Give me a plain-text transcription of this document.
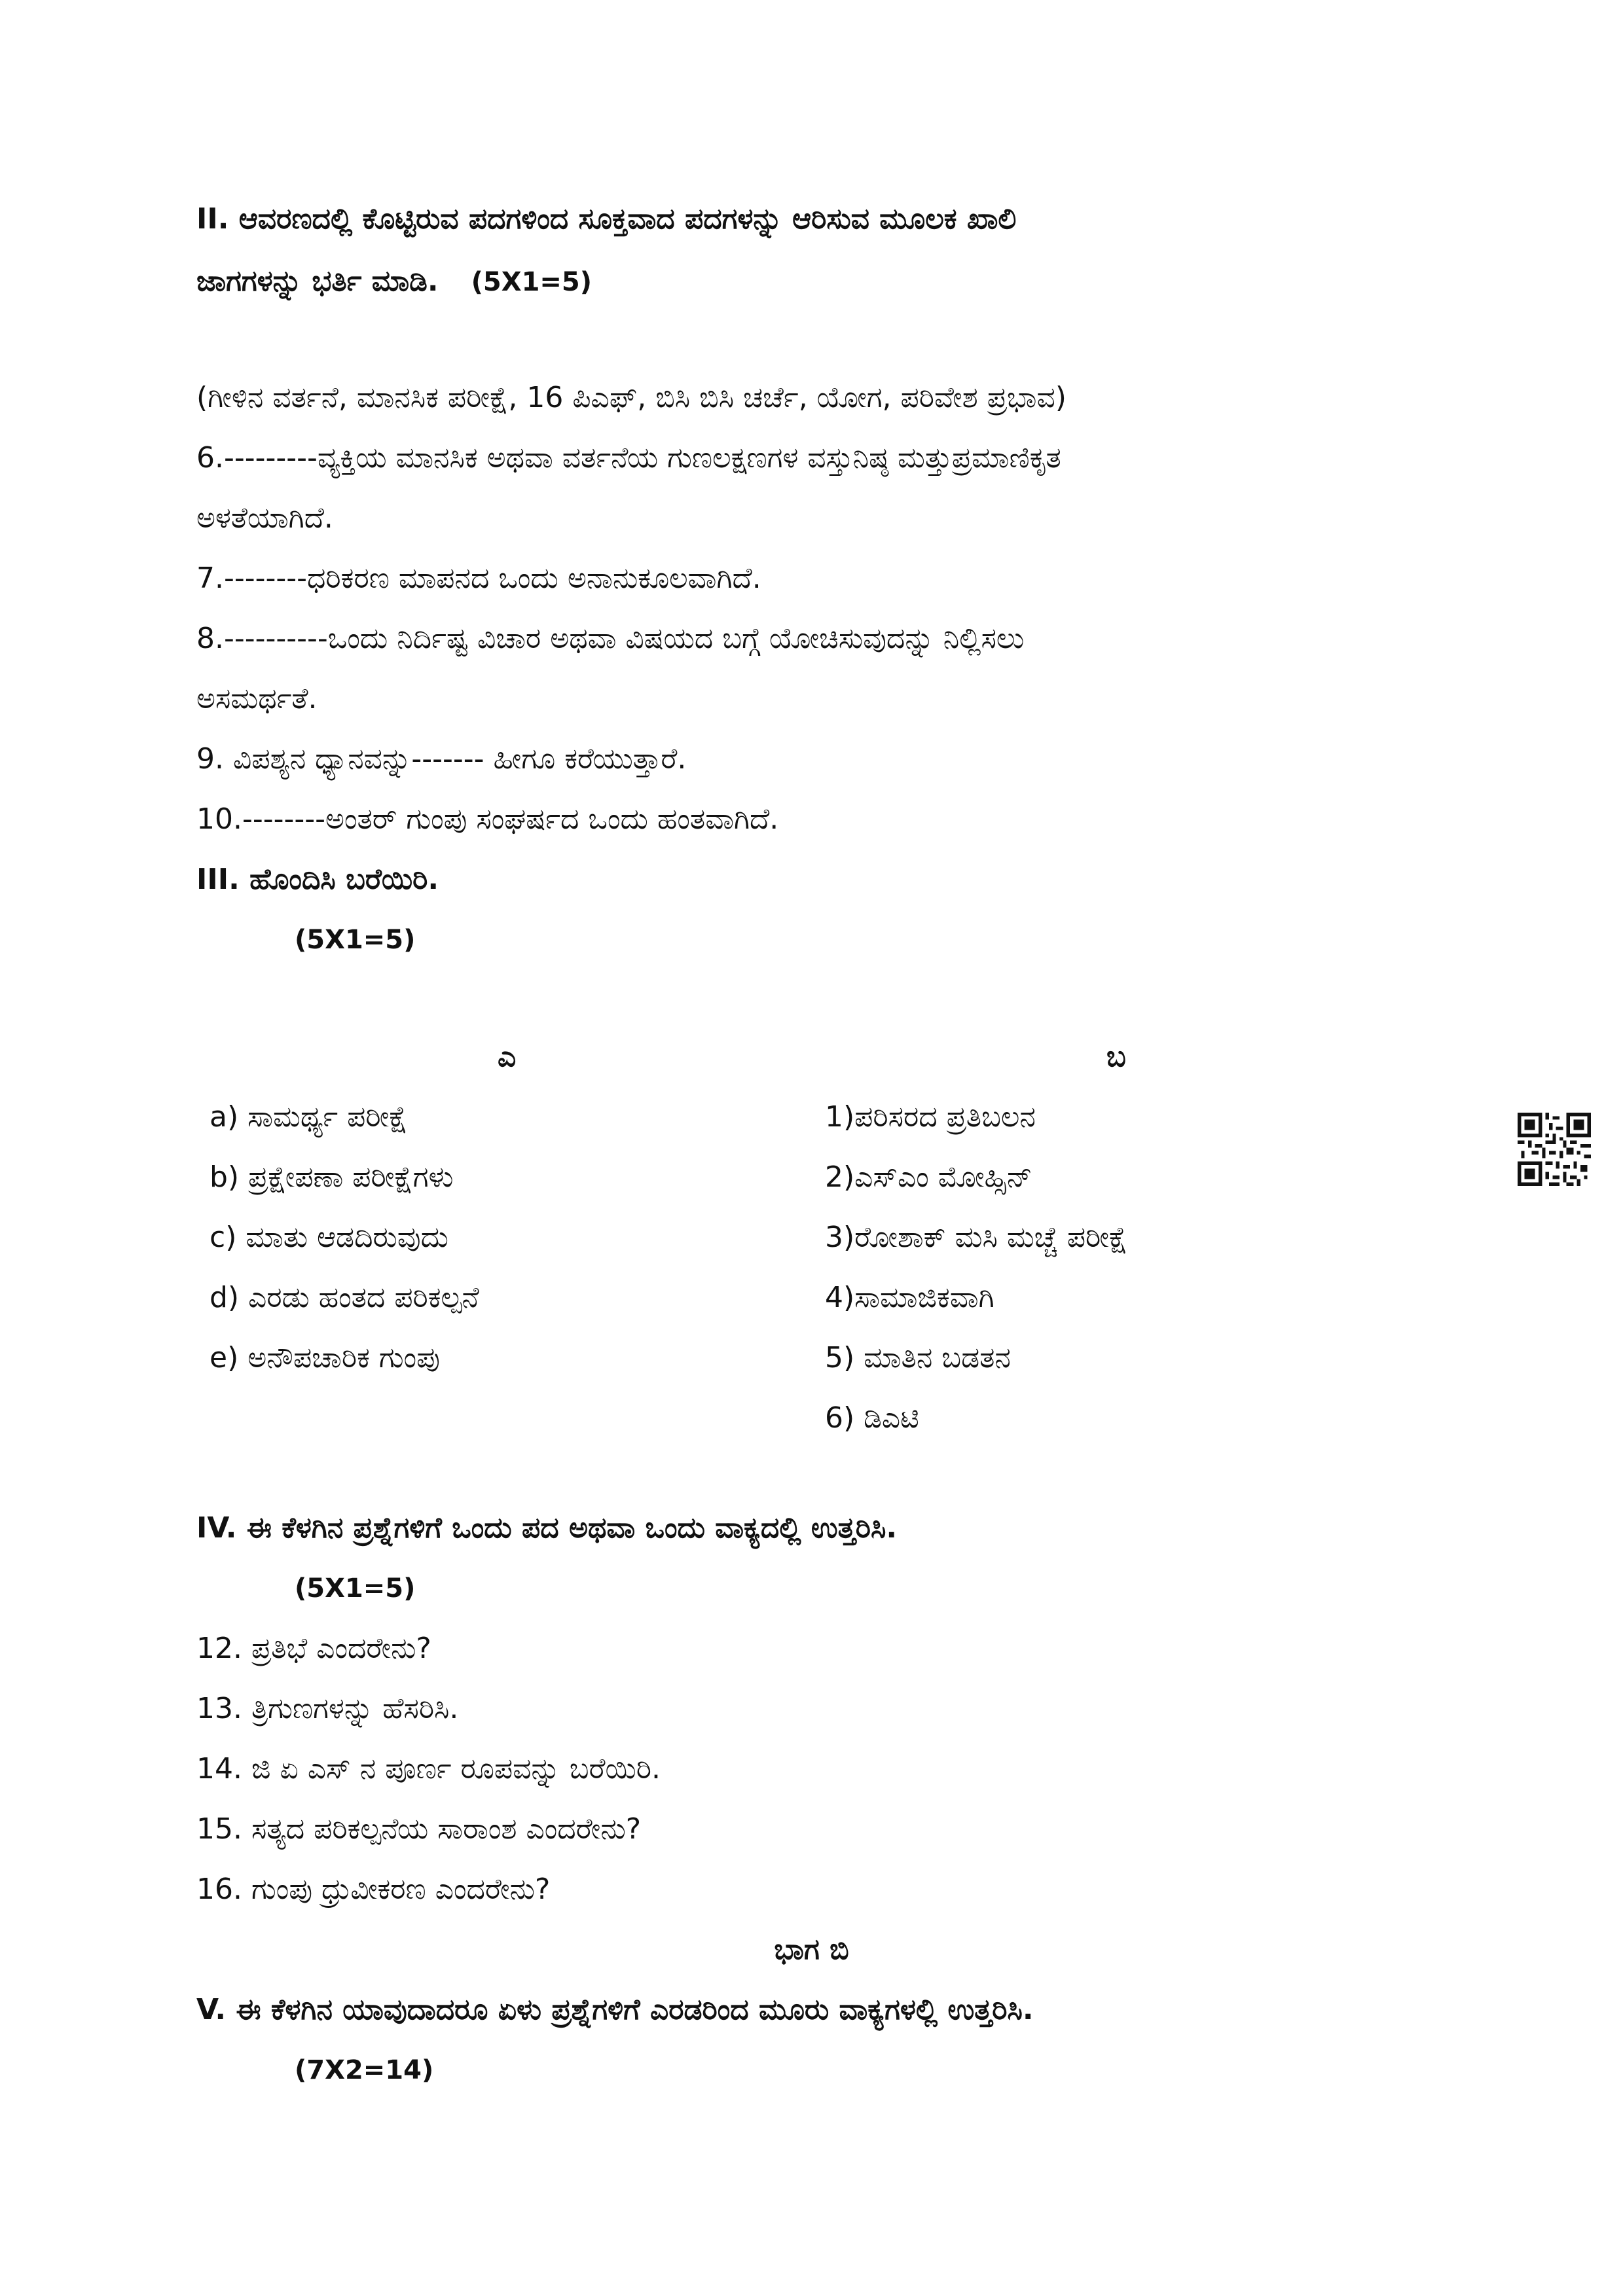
II. ಆವರಣದಲ್ಲಿ ಕೊಟ್ಟಿರುವ ಪದಗಳಿಂದ ಸೂಕ್ತವಾದ ಪದಗಳನ್ನು ಆರಿಸುವ ಮೂಲಕ ಖಾಲಿ
ಜಾಗಗಳನ್ನು ಭರ್ತಿ ಮಾಡಿ. (5X1=5)
(ಗೀಳಿನ ವರ್ತನೆ, ಮಾನಸಿಕ ಪರೀಕ್ಷೆ, 16 ಪಿಎಫ್, ಬಿಸಿ ಬಿಸಿ ಚರ್ಚೆ, ಯೋಗ, ಪರಿವೇಶ ಪ್ರಭಾವ)
6.---------ವ್ಯಕ್ತಿಯ ಮಾನಸಿಕ ಅಥವಾ ವರ್ತನೆಯ ಗುಣಲಕ್ಷಣಗಳ ವಸ್ತುನಿಷ್ಠ ಮತ್ತುಪ್ರಮಾಣಿಕೃತ
ಅಳತೆಯಾಗಿದೆ.
7.--------ಧರಿಕರಣ ಮಾಪನದ ಒಂದು ಅನಾನುಕೂಲವಾಗಿದೆ.
8.----------ಒಂದು ನಿರ್ದಿಷ್ಟ ವಿಚಾರ ಅಥವಾ ವಿಷಯದ ಬಗ್ಗೆ ಯೋಚಿಸುವುದನ್ನು ನಿಲ್ಲಿಸಲು
ಅಸಮರ್ಥತೆ.
9. ವಿಪಶ್ಯನ ಧ್ಯಾನವನ್ನು------- ಹೀಗೂ ಕರೆಯುತ್ತಾರೆ.
10.--------ಅಂತರ್ ಗುಂಪು ಸಂಘರ್ಷದ ಒಂದು ಹಂತವಾಗಿದೆ.
III. ಹೊಂದಿಸಿ ಬರೆಯಿರಿ.
(5X1=5)
ಎ	ಬ
a) ಸಾಮರ್ಥ್ಯ ಪರೀಕ್ಷೆ
b) ಪ್ರಕ್ಷೇಪಣಾ ಪರೀಕ್ಷೆಗಳು
c) ಮಾತು ಆಡದಿರುವುದು
d) ಎರಡು ಹಂತದ ಪರಿಕಲ್ಪನೆ
e) ಅನೌಪಚಾರಿಕ ಗುಂಪು
1)ಪರಿಸರದ ಪ್ರತಿಬಲನ
2)ಎಸ್ಎಂ ಮೋಹ್ಸಿನ್
3)ರೋಶಾಕ್ ಮಸಿ ಮಚ್ಚೆ ಪರೀಕ್ಷೆ
4)ಸಾಮಾಜಿಕವಾಗಿ
5) ಮಾತಿನ ಬಡತನ
6) ಡಿಎಟಿ
IV. ಈ ಕೆಳಗಿನ ಪ್ರಶ್ನೆಗಳಿಗೆ ಒಂದು ಪದ ಅಥವಾ ಒಂದು ವಾಕ್ಯದಲ್ಲಿ ಉತ್ತರಿಸಿ.
(5X1=5)
12. ಪ್ರತಿಭೆ ಎಂದರೇನು?
13. ತ್ರಿಗುಣಗಳನ್ನು ಹೆಸರಿಸಿ.
14. ಜಿ ಏ ಎಸ್ ನ ಪೂರ್ಣ ರೂಪವನ್ನು ಬರೆಯಿರಿ.
15. ಸತ್ಯದ ಪರಿಕಲ್ಪನೆಯ ಸಾರಾಂಶ ಎಂದರೇನು?
16. ಗುಂಪು ಧ್ರುವೀಕರಣ ಎಂದರೇನು?
ಭಾಗ ಬಿ
V. ಈ ಕೆಳಗಿನ ಯಾವುದಾದರೂ ಏಳು ಪ್ರಶ್ನೆಗಳಿಗೆ ಎರಡರಿಂದ ಮೂರು ವಾಕ್ಯಗಳಲ್ಲಿ ಉತ್ತರಿಸಿ.
(7X2=14)
